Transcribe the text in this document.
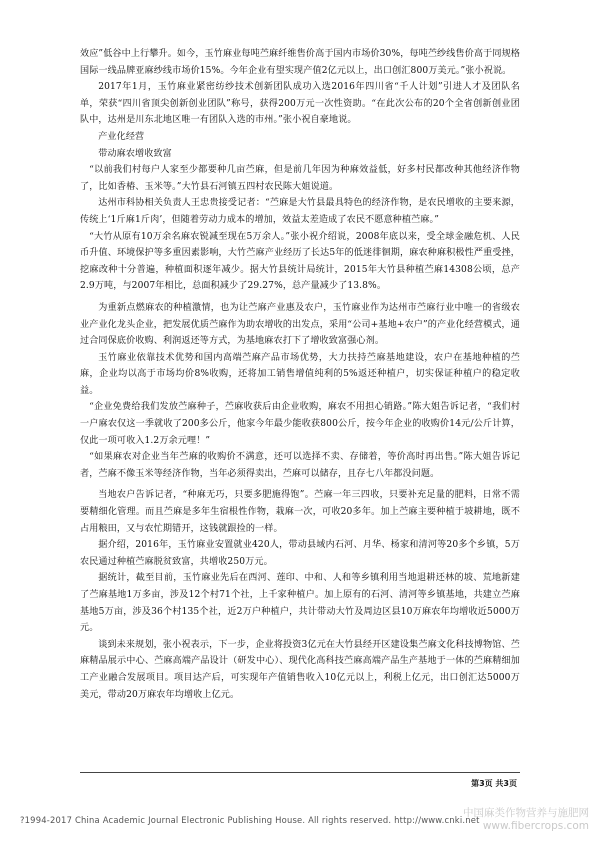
效应”低谷中上行攀升。如今，玉竹麻业每吨苎麻纤维售价高于国内市场价30%，每吨苎纱线售价高于同规格国际一线品牌亚麻纱线市场价15%。今年企业有望实现产值2亿元以上，出口创汇800万美元。”张小祝说。

2017年1月，玉竹麻业紧密纺纱技术创新团队成功入选2016年四川省“千人计划”引进人才及团队名单，荣获“四川省顶尖创新创业团队”称号，获得200万元一次性资助。“在此次公布的20个全省创新创业团队中，达州是川东北地区唯一有团队入选的市州。”张小祝自豪地说。

产业化经营

带动麻农增收致富

“以前我们村每户人家至少都要种几亩苎麻，但是前几年因为种麻效益低，好多村民都改种其他经济作物了，比如香椿、玉米等。”大竹县石河镇五四村农民陈大姐说道。

达州市科协相关负责人王忠贵接受记者：“苎麻是大竹县最具特色的经济作物，是农民增收的主要来源，传统上‘1斤麻1斤肉’，但随着劳动力成本的增加，效益太差造成了农民不愿意种植苎麻。”

“大竹从原有10万余名麻农锐减至现在5万余人。”张小祝介绍说，2008年底以来，受全球金融危机、人民币升值、环境保护等多重因素影响，大竹苎麻产业经历了长达5年的低迷徘徊期，麻农种麻积极性严重受挫，挖麻改种十分普遍，种植面积逐年减少。据大竹县统计局统计，2015年大竹县种植苎麻14308公顷，总产2.9万吨，与2007年相比，总面积减少了29.27%，总产量减少了13.8%。

为重新点燃麻农的种植激情，也为让苎麻产业惠及农户，玉竹麻业作为达州市苎麻行业中唯一的省级农业产业化龙头企业，把发展优质苎麻作为助农增收的出发点，采用“公司+基地+农户”的产业化经营模式，通过合同保底价收购、利润返还等方式，为基地麻农打下了增收致富强心剂。

玉竹麻业依靠技术优势和国内高端苎麻产品市场优势，大力扶持苎麻基地建设，农户在基地种植的苎麻，企业均以高于市场均价8%收购，还将加工销售增值纯利的5%返还种植户，切实保证种植户的稳定收益。

“企业免费给我们发放苎麻种子，苎麻收获后由企业收购，麻农不用担心销路。”陈大姐告诉记者，“我们村一户麻农仅这一季就收了200多公斤，他家今年最少能收获800公斤，按今年企业的收购价14元/公斤计算，仅此一项可收入1.2万余元哩！”

“如果麻农对企业当年苎麻的收购价不满意，还可以选择不卖、存储着，等价高时再出售。”陈大姐告诉记者，苎麻不像玉米等经济作物，当年必须得卖出，苎麻可以储存，且存七八年都没问题。

当地农户告诉记者，“种麻无巧，只要多肥施得饱”。苎麻一年三四收，只要补充足量的肥料，日常不需要精细化管理。而且苎麻是多年生宿根性作物，栽麻一次，可收20多年。加上苎麻主要种植于坡耕地，既不占用粮田，又与农忙期错开，这钱就跟捡的一样。

据介绍，2016年，玉竹麻业安置就业420人，带动县域内石河、月华、杨家和清河等20多个乡镇，5万农民通过种植苎麻脱贫致富，共增收250万元。

据统计，截至目前，玉竹麻业先后在西河、莲印、中和、人和等乡镇利用当地退耕还林的坡、荒地新建了苎麻基地1万多亩，涉及12个村71个社，上千家种植户。加上原有的石河、清河等乡镇基地，共建立苎麻基地5万亩，涉及36个村135个社，近2万户种植户，共计带动大竹及周边区县10万麻农年均增收近5000万元。

谈到未来规划，张小祝表示，下一步，企业将投资3亿元在大竹县经开区建设集苎麻文化科技博物馆、苎麻精品展示中心、苎麻高端产品设计（研发中心）、现代化高科技苎麻高端产品生产基地于一体的苎麻精细加工产业融合发展项目。项目达产后，可实现年产值销售收入10亿元以上，利税上亿元，出口创汇达5000万美元，带动20万麻农年均增收上亿元。

第3页 共3页
?1994-2017 China Academic Journal Electronic Publishing House. All rights reserved. http://www.cnki.net
中国麻类作物营养与施肥网
www.fibercrops.com
